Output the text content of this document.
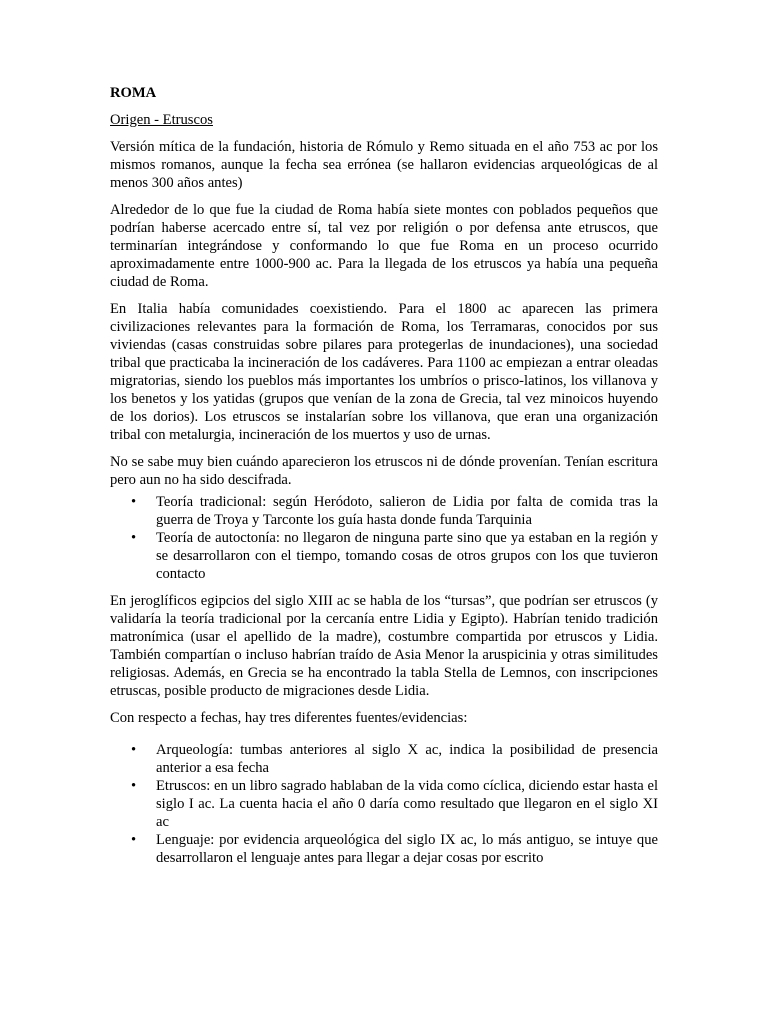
ROMA
Origen - Etruscos

Versión mítica de la fundación, historia de Rómulo y Remo situada en el año 753 ac por los mismos romanos, aunque la fecha sea errónea (se hallaron evidencias arqueológicas de al menos 300 años antes)

Alrededor de lo que fue la ciudad de Roma había siete montes con poblados pequeños que podrían haberse acercado entre sí, tal vez por religión o por defensa ante etruscos, que terminarían integrándose y conformando lo que fue Roma en un proceso ocurrido aproximadamente entre 1000-900 ac. Para la llegada de los etruscos ya había una pequeña ciudad de Roma.

En Italia había comunidades coexistiendo. Para el 1800 ac aparecen las primera civilizaciones relevantes para la formación de Roma, los Terramaras, conocidos por sus viviendas (casas construidas sobre pilares para protegerlas de inundaciones), una sociedad tribal que practicaba la incineración de los cadáveres. Para 1100 ac empiezan a entrar oleadas migratorias, siendo los pueblos más importantes los umbríos o prisco-latinos, los villanova y los benetos y los yatidas (grupos que venían de la zona de Grecia, tal vez minoicos huyendo de los dorios). Los etruscos se instalarían sobre los villanova, que eran una organización tribal con metalurgia, incineración de los muertos y uso de urnas.

No se sabe muy bien cuándo aparecieron los etruscos ni de dónde provenían. Tenían escritura pero aun no ha sido descifrada.

• Teoría tradicional: según Heródoto, salieron de Lidia por falta de comida tras la guerra de Troya y Tarconte los guía hasta donde funda Tarquinia
• Teoría de autoctonía: no llegaron de ninguna parte sino que ya estaban en la región y se desarrollaron con el tiempo, tomando cosas de otros grupos con los que tuvieron contacto

En jeroglíficos egipcios del siglo XIII ac se habla de los “tursas”, que podrían ser etruscos (y validaría la teoría tradicional por la cercanía entre Lidia y Egipto). Habrían tenido tradición matronímica (usar el apellido de la madre), costumbre compartida por etruscos y Lidia. También compartían o incluso habrían traído de Asia Menor la aruspicinia y otras similitudes religiosas. Además, en Grecia se ha encontrado la tabla Stella de Lemnos, con inscripciones etruscas, posible producto de migraciones desde Lidia.

Con respecto a fechas, hay tres diferentes fuentes/evidencias:

• Arqueología: tumbas anteriores al siglo X ac, indica la posibilidad de presencia anterior a esa fecha
• Etruscos: en un libro sagrado hablaban de la vida como cíclica, diciendo estar hasta el siglo I ac. La cuenta hacia el año 0 daría como resultado que llegaron en el siglo XI ac
• Lenguaje: por evidencia arqueológica del siglo IX ac, lo más antiguo, se intuye que desarrollaron el lenguaje antes para llegar a dejar cosas por escrito
